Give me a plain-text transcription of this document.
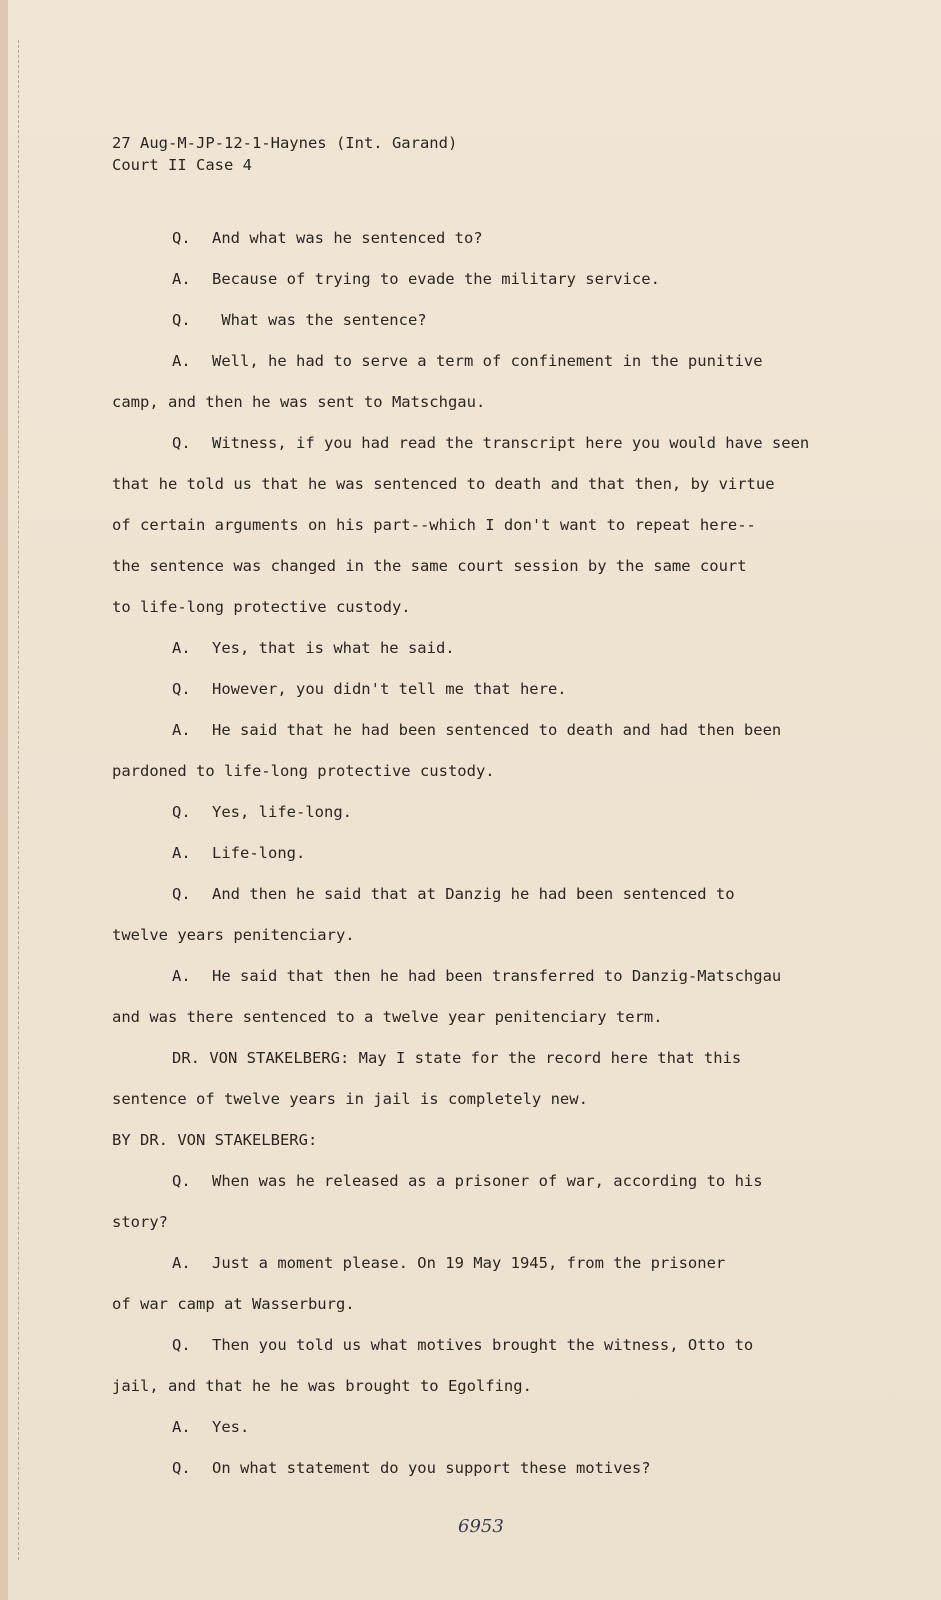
27 Aug-M-JP-12-1-Haynes (Int. Garand)
Court II Case 4
Q. And what was he sentenced to?
A. Because of trying to evade the military service.
Q. What was the sentence?
A. Well, he had to serve a term of confinement in the punitive
camp, and then he was sent to Matschgau.
Q. Witness, if you had read the transcript here you would have seen
that he told us that he was sentenced to death and that then, by virtue
of certain arguments on his part--which I don't want to repeat here--
the sentence was changed in the same court session by the same court
to life-long protective custody.
A. Yes, that is what he said.
Q. However, you didn't tell me that here.
A. He said that he had been sentenced to death and had then been
pardoned to life-long protective custody.
Q. Yes, life-long.
A. Life-long.
Q. And then he said that at Danzig he had been sentenced to
twelve years penitenciary.
A. He said that then he had been transferred to Danzig-Matschgau
and was there sentenced to a twelve year penitenciary term.
DR. VON STAKELBERG: May I state for the record here that this
sentence of twelve years in jail is completely new.
BY DR. VON STAKELBERG:
Q. When was he released as a prisoner of war, according to his
story?
A. Just a moment please. On 19 May 1945, from the prisoner
of war camp at Wasserburg.
Q. Then you told us what motives brought the witness, Otto to
jail, and that he he was brought to Egolfing.
A. Yes.
Q. On what statement do you support these motives?
6953
